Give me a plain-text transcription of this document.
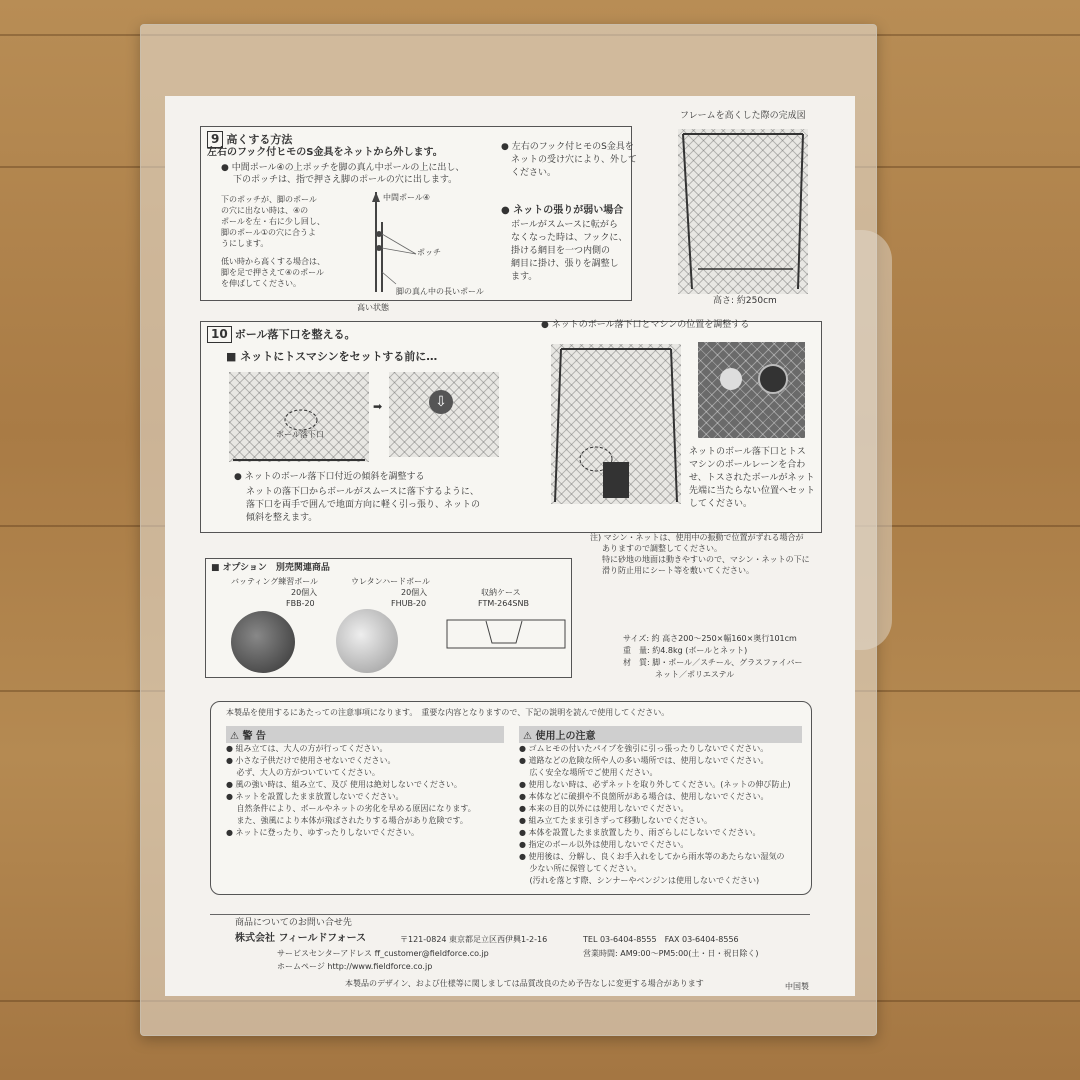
9 高くする方法
左右のフック付ヒモのS金具をネットから外します。
● 中間ポール④の上ポッチを脚の真ん中ポールの上に出し、
下のポッチは、指で押さえ脚のポールの穴に出します。
下のポッチが、脚のポール
の穴に出ない時は、④の
ポールを左・右に少し回し、
脚のポール①の穴に合うよ
うにします。
低い時から高くする場合は、
脚を足で押さえて④のポール
を伸ばしてください。
中間ポール④
ポッチ
脚の真ん中の長いポール
高い状態
● 左右のフック付ヒモのS金具を
ネットの受け穴により、外して
ください。
● ネットの張りが弱い場合
ボールがスムースに転がら
なくなった時は、フックに、
掛ける網目を一つ内側の
網目に掛け、張りを調整し
ます。
フレームを高くした際の完成図
高さ: 約250cm
10 ボール落下口を整える。
■ ネットにトスマシンをセットする前に…
ボール落下口
➡	⇩
● ネットのボール落下口付近の傾斜を調整する
ネットの落下口からボールがスムースに落下するように、
落下口を両手で囲んで地面方向に軽く引っ張り、ネットの
傾斜を整えます。
● ネットのボール落下口とマシンの位置を調整する
ネットのボール落下口とトス
マシンのボールレーンを合わ
せ、トスされたボールがネット
先端に当たらない位置へセット
してください。
注) マシン・ネットは、使用中の振動で位置がずれる場合が
ありますので調整してください。
特に砂地の地面は動きやすいので、マシン・ネットの下に
滑り防止用にシート等を敷いてください。
■ オプション　別売関連商品
バッティング練習ボール
20個入
FBB-20
ウレタンハードボール
20個入
FHUB-20
収納ケース
FTM-264SNB
サイズ: 約 高さ200〜250×幅160×奥行101cm
重　量: 約4.8kg (ボールとネット)
材　質: 脚・ポール／スチール、グラスファイバー
　　　　ネット／ポリエステル
本製品を使用するにあたっての注意事項になります。　重要な内容となりますので、下記の説明を読んで使用してください。
⚠ 警 告
● 組み立ては、大人の方が行ってください。
● 小さな子供だけで使用させないでください。
　 必ず、大人の方がついていてください。
● 風の強い時は、組み立て、及び 使用は絶対しないでください。
● ネットを設置したまま放置しないでください。
　 自然条件により、ボールやネットの劣化を早める原因になります。
　 また、強風により本体が飛ばされたりする場合があり危険です。
● ネットに登ったり、ゆすったりしないでください。
⚠ 使用上の注意
● ゴムヒモの付いたパイプを強引に引っ張ったりしないでください。
● 道路などの危険な所や人の多い場所では、使用しないでください。
　 広く安全な場所でご使用ください。
● 使用しない時は、必ずネットを取り外してください。(ネットの伸び防止)
● 本体などに破損や不良箇所がある場合は、使用しないでください。
● 本来の目的以外には使用しないでください。
● 組み立てたまま引きずって移動しないでください。
● 本体を設置したまま放置したり、雨ざらしにしないでください。
● 指定のボール以外は使用しないでください。
● 使用後は、分解し、良くお手入れをしてから雨水等のあたらない湿気の
　 少ない所に保管してください。
　 (汚れを落とす際、シンナーやベンジンは使用しないでください)
商品についてのお問い合せ先
株式会社 フィールドフォース	〒121-0824 東京都足立区西伊興1-2-16	TEL 03-6404-8555　FAX 03-6404-8556
サービスセンターアドレス ff_customer@fieldforce.co.jp	営業時間: AM9:00〜PM5:00(土・日・祝日除く)
ホームページ http://www.fieldforce.co.jp
本製品のデザイン、および仕様等に関しましては品質改良のため予告なしに変更する場合があります	中国製
